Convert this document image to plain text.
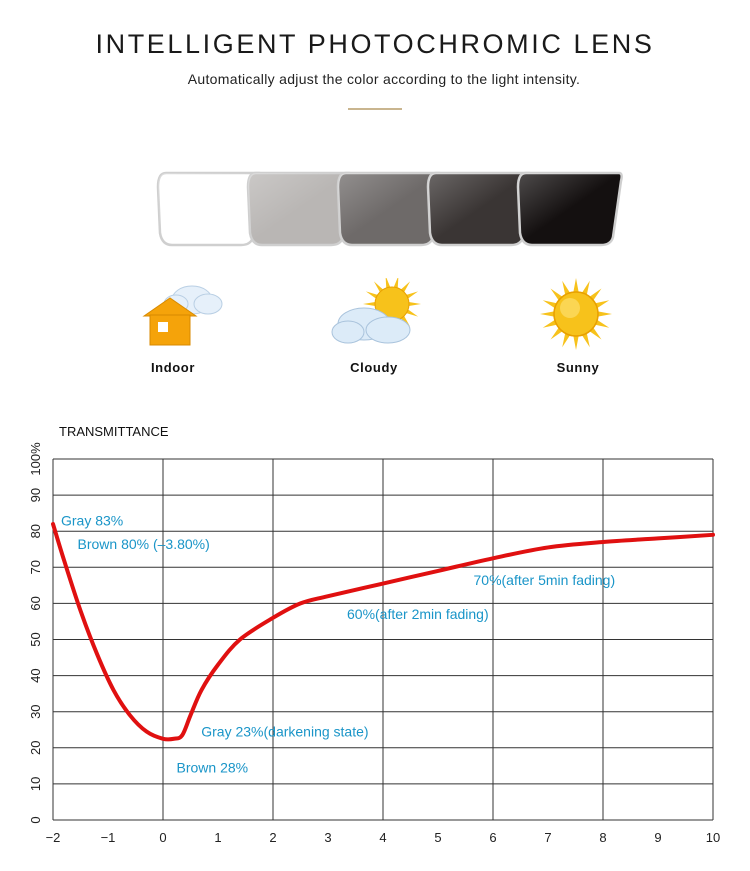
INTELLIGENT PHOTOCHROMIC LENS
Automatically adjust the color according to the light intensity.
Indoor	Cloudy	Sunny
0
10
20
30
40
50
60
70
80
90
100%
−2	−1	0	1	2	3	4	5	6	7	8	9	10
TRANSMITTANCE
Gray 83%
Brown 80% (–3.80%)
70%(after 5min fading)
60%(after 2min fading)
Gray 23%(darkening state)
Brown 28%
